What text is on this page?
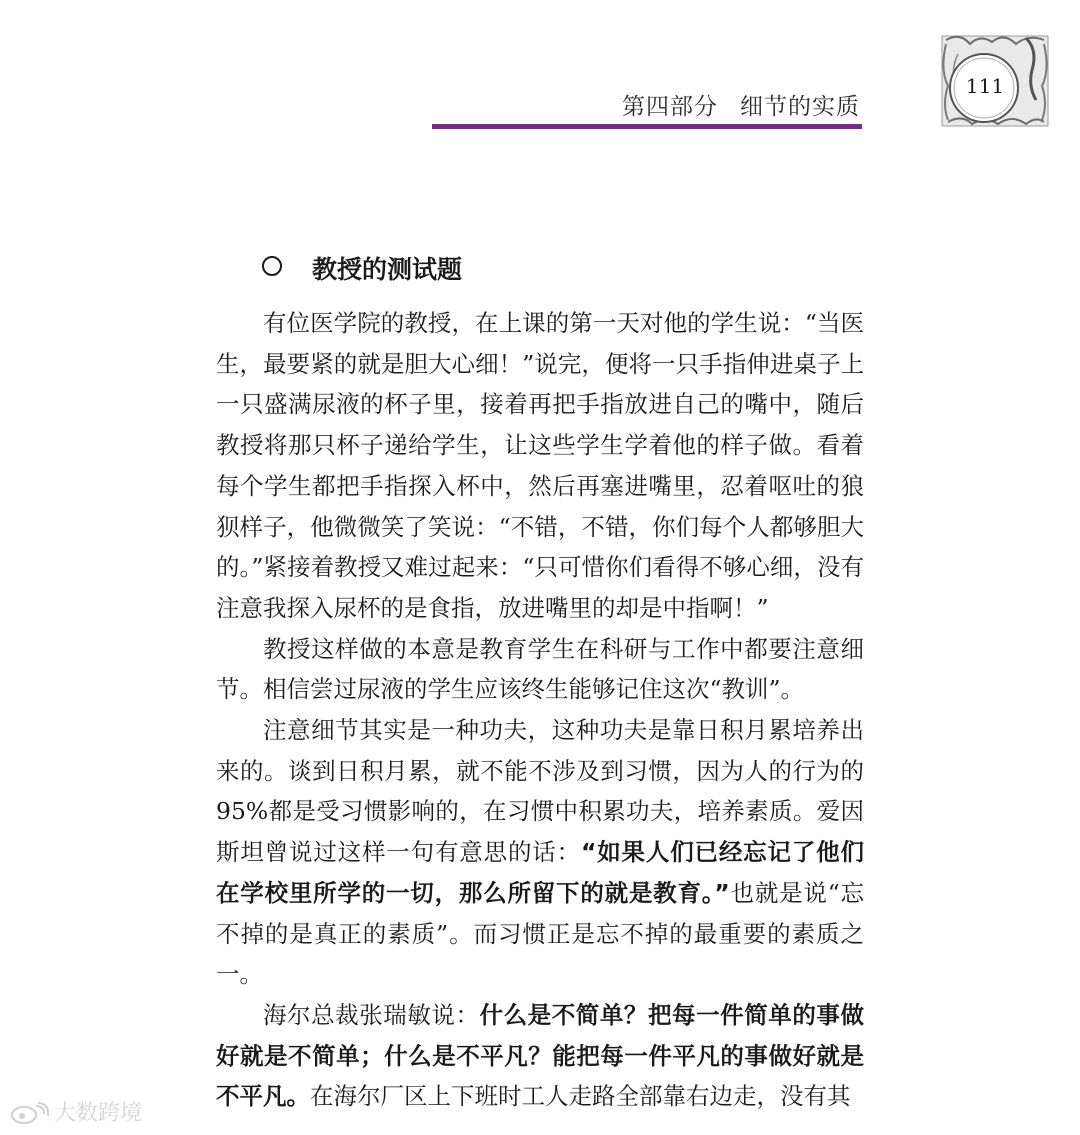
第四部分 细节的实质
111
教授的测试题

有位医学院的教授，在上课的第一天对他的学生说：“当医生，最要紧的就是胆大心细！”说完，便将一只手指伸进桌子上一只盛满尿液的杯子里，接着再把手指放进自己的嘴中，随后教授将那只杯子递给学生，让这些学生学着他的样子做。看着每个学生都把手指探入杯中，然后再塞进嘴里，忍着呕吐的狼狈样子，他微微笑了笑说：“不错，不错，你们每个人都够胆大的。”紧接着教授又难过起来：“只可惜你们看得不够心细，没有注意我探入尿杯的是食指，放进嘴里的却是中指啊！”

教授这样做的本意是教育学生在科研与工作中都要注意细节。相信尝过尿液的学生应该终生能够记住这次“教训”。

注意细节其实是一种功夫，这种功夫是靠日积月累培养出来的。谈到日积月累，就不能不涉及到习惯，因为人的行为的95%都是受习惯影响的，在习惯中积累功夫，培养素质。爱因斯坦曾说过这样一句有意思的话：“如果人们已经忘记了他们在学校里所学的一切，那么所留下的就是教育。”也就是说“忘不掉的是真正的素质”。而习惯正是忘不掉的最重要的素质之一。

海尔总裁张瑞敏说：什么是不简单？把每一件简单的事做好就是不简单；什么是不平凡？能把每一件平凡的事做好就是不平凡。在海尔厂区上下班时工人走路全部靠右边走，没有其

大数跨境
